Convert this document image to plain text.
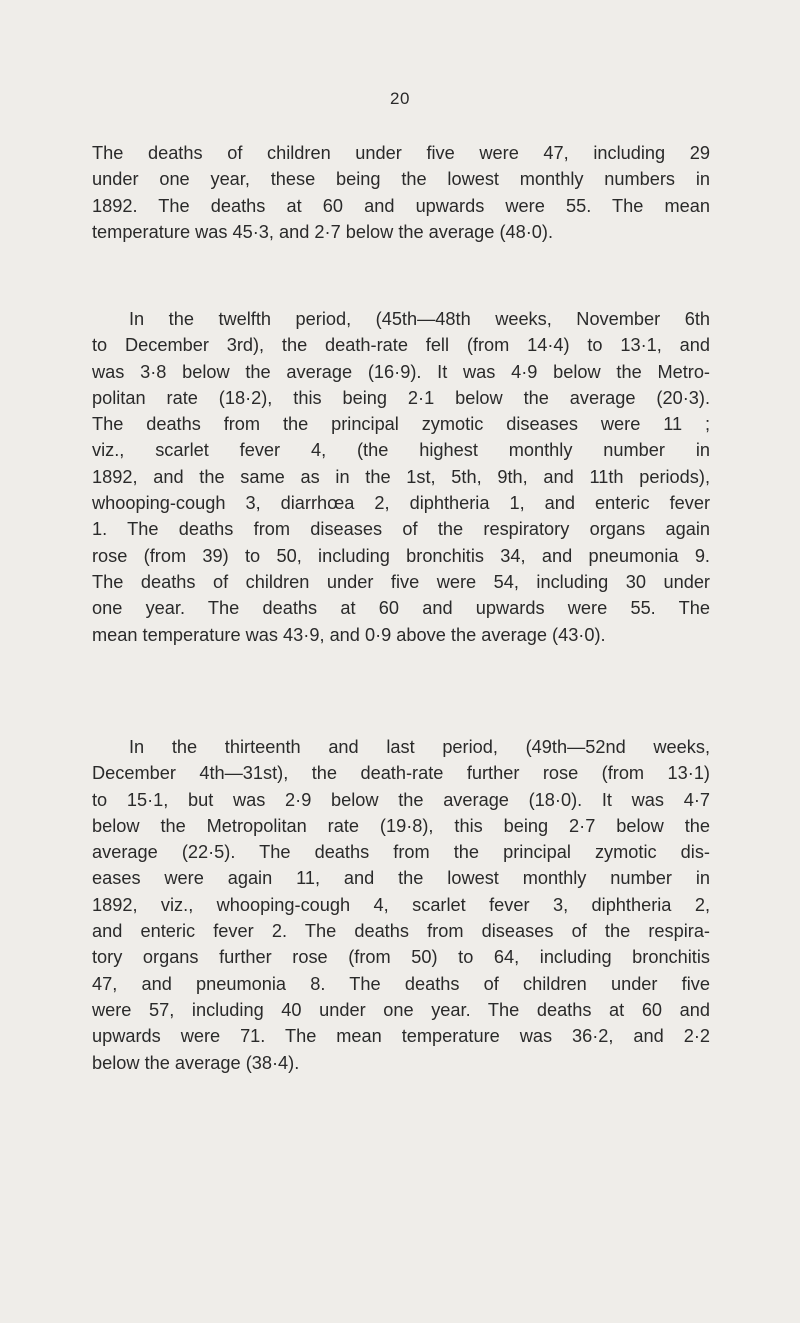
20
The deaths of children under five were 47, including 29
under one year, these being the lowest monthly numbers in
1892. The deaths at 60 and upwards were 55. The mean
temperature was 45·3, and 2·7 below the average (48·0).
In the twelfth period, (45th—48th weeks, November 6th
to December 3rd), the death-rate fell (from 14·4) to 13·1, and
was 3·8 below the average (16·9). It was 4·9 below the Metro-
politan rate (18·2), this being 2·1 below the average (20·3).
The deaths from the principal zymotic diseases were 11 ;
viz., scarlet fever 4, (the highest monthly number in
1892, and the same as in the 1st, 5th, 9th, and 11th periods),
whooping-cough 3, diarrhœa 2, diphtheria 1, and enteric fever
1. The deaths from diseases of the respiratory organs again
rose (from 39) to 50, including bronchitis 34, and pneumonia 9.
The deaths of children under five were 54, including 30 under
one year. The deaths at 60 and upwards were 55. The
mean temperature was 43·9, and 0·9 above the average (43·0).
In the thirteenth and last period, (49th—52nd weeks,
December 4th—31st), the death-rate further rose (from 13·1)
to 15·1, but was 2·9 below the average (18·0). It was 4·7
below the Metropolitan rate (19·8), this being 2·7 below the
average (22·5). The deaths from the principal zymotic dis-
eases were again 11, and the lowest monthly number in
1892, viz., whooping-cough 4, scarlet fever 3, diphtheria 2,
and enteric fever 2. The deaths from diseases of the respira-
tory organs further rose (from 50) to 64, including bronchitis
47, and pneumonia 8. The deaths of children under five
were 57, including 40 under one year. The deaths at 60 and
upwards were 71. The mean temperature was 36·2, and 2·2
below the average (38·4).
